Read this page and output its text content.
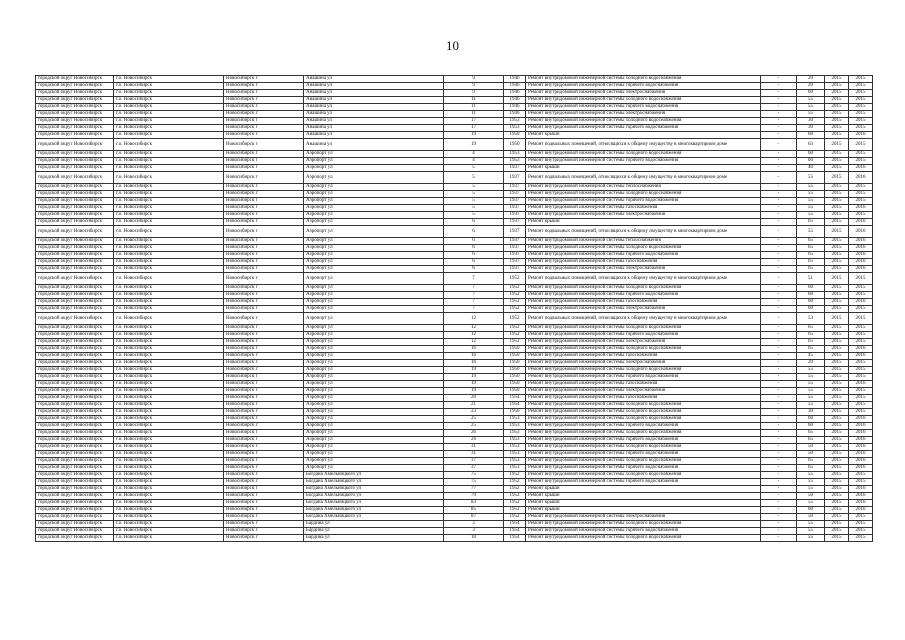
10
городской округ Новосибирск	г.о. Новосибирск	Новосибирск г	Анашина ул	9	1946	Ремонт внутридомовой инженерной системы холодного водоснабжения	-	20	2015	2015
городской округ Новосибирск	г.о. Новосибирск	Новосибирск г	Анашина ул	9	1946	Ремонт внутридомовой инженерной системы горячего водоснабжения	-	20	2015	2015
городской округ Новосибирск	г.о. Новосибирск	Новосибирск г	Анашина ул	9	1946	Ремонт внутридомовой инженерной системы электроснабжения	-	60	2015	2015
городской округ Новосибирск	г.о. Новосибирск	Новосибирск г	Анашина ул	11	1946	Ремонт внутридомовой инженерной системы холодного водоснабжения	-	55	2015	2015
городской округ Новосибирск	г.о. Новосибирск	Новосибирск г	Анашина ул	11	1946	Ремонт внутридомовой инженерной системы горячего водоснабжения	-	55	2015	2015
городской округ Новосибирск	г.о. Новосибирск	Новосибирск г	Анашина ул	11	1946	Ремонт внутридомовой инженерной системы электроснабжения	-	55	2015	2015
городской округ Новосибирск	г.о. Новосибирск	Новосибирск г	Анашина ул	17	1953	Ремонт внутридомовой инженерной системы холодного водоснабжения	-	30	2015	2015
городской округ Новосибирск	г.о. Новосибирск	Новосибирск г	Анашина ул	17	1953	Ремонт внутридомовой инженерной системы горячего водоснабжения	-	30	2015	2015
городской округ Новосибирск	г.о. Новосибирск	Новосибирск г	Анашина ул	19	1950	Ремонт крыши	-	60	2015	2016
городской округ Новосибирск	г.о. Новосибирск	Новосибирск г	Анашина ул	19	1950	Ремонт подвальных помещений, относящихся к общему имуществу в многоквартирном доме	-	63	2015	2015
городской округ Новосибирск	г.о. Новосибирск	Новосибирск г	Аэропорт ул	4	1953	Ремонт внутридомовой инженерной системы холодного водоснабжения	-	60	2015	2015
городской округ Новосибирск	г.о. Новосибирск	Новосибирск г	Аэропорт ул	4	1953	Ремонт внутридомовой инженерной системы горячего водоснабжения	-	60	2015	2015
городской округ Новосибирск	г.о. Новосибирск	Новосибирск г	Аэропорт ул	5	1937	Ремонт крыши	-	40	2015	2016
городской округ Новосибирск	г.о. Новосибирск	Новосибирск г	Аэропорт ул	5	1937	Ремонт подвальных помещений, относящихся к общему имуществу в многоквартирном доме	-	55	2015	2016
городской округ Новосибирск	г.о. Новосибирск	Новосибирск г	Аэропорт ул	5	1937	Ремонт внутридомовой инженерной системы теплоснабжения	-	55	2015	2015
городской округ Новосибирск	г.о. Новосибирск	Новосибирск г	Аэропорт ул	5	1937	Ремонт внутридомовой инженерной системы холодного водоснабжения	-	55	2015	2015
городской округ Новосибирск	г.о. Новосибирск	Новосибирск г	Аэропорт ул	5	1937	Ремонт внутридомовой инженерной системы горячего водоснабжения	-	55	2015	2015
городской округ Новосибирск	г.о. Новосибирск	Новосибирск г	Аэропорт ул	5	1937	Ремонт внутридомовой инженерной системы газоснабжения	-	55	2015	2016
городской округ Новосибирск	г.о. Новосибирск	Новосибирск г	Аэропорт ул	5	1937	Ремонт внутридомовой инженерной системы электроснабжения	-	55	2015	2015
городской округ Новосибирск	г.о. Новосибирск	Новосибирск г	Аэропорт ул	6	1937	Ремонт крыши	-	65	2015	2016
городской округ Новосибирск	г.о. Новосибирск	Новосибирск г	Аэропорт ул	6	1937	Ремонт подвальных помещений, относящихся к общему имуществу в многоквартирном доме	-	55	2015	2016
городской округ Новосибирск	г.о. Новосибирск	Новосибирск г	Аэропорт ул	6	1937	Ремонт внутридомовой инженерной системы теплоснабжения	-	65	2015	2016
городской округ Новосибирск	г.о. Новосибирск	Новосибирск г	Аэропорт ул	6	1937	Ремонт внутридомовой инженерной системы холодного водоснабжения	-	65	2015	2016
городской округ Новосибирск	г.о. Новосибирск	Новосибирск г	Аэропорт ул	6	1937	Ремонт внутридомовой инженерной системы горячего водоснабжения	-	65	2015	2016
городской округ Новосибирск	г.о. Новосибирск	Новосибирск г	Аэропорт ул	6	1937	Ремонт внутридомовой инженерной системы газоснабжения	-	65	2015	2016
городской округ Новосибирск	г.о. Новосибирск	Новосибирск г	Аэропорт ул	6	1937	Ремонт внутридомовой инженерной системы электроснабжения	-	65	2015	2016
городской округ Новосибирск	г.о. Новосибирск	Новосибирск г	Аэропорт ул	7	1952	Ремонт подвальных помещений, относящихся к общему имуществу в многоквартирном доме	-	51	2015	2015
городской округ Новосибирск	г.о. Новосибирск	Новосибирск г	Аэропорт ул	7	1952	Ремонт внутридомовой инженерной системы холодного водоснабжения	-	60	2015	2015
городской округ Новосибирск	г.о. Новосибирск	Новосибирск г	Аэропорт ул	7	1952	Ремонт внутридомовой инженерной системы горячего водоснабжения	-	60	2015	2015
городской округ Новосибирск	г.о. Новосибирск	Новосибирск г	Аэропорт ул	7	1952	Ремонт внутридомовой инженерной системы газоснабжения	-	60	2015	2016
городской округ Новосибирск	г.о. Новосибирск	Новосибирск г	Аэропорт ул	7	1952	Ремонт внутридомовой инженерной системы электроснабжения	-	60	2015	2015
городской округ Новосибирск	г.о. Новосибирск	Новосибирск г	Аэропорт ул	12	1952	Ремонт подвальных помещений, относящихся к общему имуществу в многоквартирном доме	-	53	2015	2015
городской округ Новосибирск	г.о. Новосибирск	Новосибирск г	Аэропорт ул	12	1952	Ремонт внутридомовой инженерной системы холодного водоснабжения	-	65	2015	2015
городской округ Новосибирск	г.о. Новосибирск	Новосибирск г	Аэропорт ул	12	1952	Ремонт внутридомовой инженерной системы горячего водоснабжения	-	65	2015	2015
городской округ Новосибирск	г.о. Новосибирск	Новосибирск г	Аэропорт ул	12	1952	Ремонт внутридомовой инженерной системы электроснабжения	-	65	2015	2015
городской округ Новосибирск	г.о. Новосибирск	Новосибирск г	Аэропорт ул	16	1950	Ремонт внутридомовой инженерной системы холодного водоснабжения	-	65	2015	2016
городской округ Новосибирск	г.о. Новосибирск	Новосибирск г	Аэропорт ул	16	1950	Ремонт внутридомовой инженерной системы газоснабжения	-	45	2015	2016
городской округ Новосибирск	г.о. Новосибирск	Новосибирск г	Аэропорт ул	16	1950	Ремонт внутридомовой инженерной системы электроснабжения	-	20	2015	2015
городской округ Новосибирск	г.о. Новосибирск	Новосибирск г	Аэропорт ул	19	1950	Ремонт внутридомовой инженерной системы холодного водоснабжения	-	55	2015	2015
городской округ Новосибирск	г.о. Новосибирск	Новосибирск г	Аэропорт ул	19	1950	Ремонт внутридомовой инженерной системы горячего водоснабжения	-	55	2015	2015
городской округ Новосибирск	г.о. Новосибирск	Новосибирск г	Аэропорт ул	19	1950	Ремонт внутридомовой инженерной системы газоснабжения	-	55	2015	2016
городской округ Новосибирск	г.о. Новосибирск	Новосибирск г	Аэропорт ул	19	1950	Ремонт внутридомовой инженерной системы электроснабжения	-	55	2015	2015
городской округ Новосибирск	г.о. Новосибирск	Новосибирск г	Аэропорт ул	20	1954	Ремонт внутридомовой инженерной системы газоснабжения	-	55	2015	2015
городской округ Новосибирск	г.о. Новосибирск	Новосибирск г	Аэропорт ул	21	1954	Ремонт внутридомовой инженерной системы холодного водоснабжения	-	55	2015	2015
городской округ Новосибирск	г.о. Новосибирск	Новосибирск г	Аэропорт ул	23	1956	Ремонт внутридомовой инженерной системы холодного водоснабжения	-	30	2015	2015
городской округ Новосибирск	г.о. Новосибирск	Новосибирск г	Аэропорт ул	25	1953	Ремонт внутридомовой инженерной системы холодного водоснабжения	-	60	2015	2016
городской округ Новосибирск	г.о. Новосибирск	Новосибирск г	Аэропорт ул	25	1953	Ремонт внутридомовой инженерной системы горячего водоснабжения	-	60	2015	2016
городской округ Новосибирск	г.о. Новосибирск	Новосибирск г	Аэропорт ул	26	1953	Ремонт внутридомовой инженерной системы холодного водоснабжения	-	65	2015	2016
городской округ Новосибирск	г.о. Новосибирск	Новосибирск г	Аэропорт ул	26	1953	Ремонт внутридомовой инженерной системы горячего водоснабжения	-	65	2015	2016
городской округ Новосибирск	г.о. Новосибирск	Новосибирск г	Аэропорт ул	31	1953	Ремонт внутридомовой инженерной системы холодного водоснабжения	-	50	2015	2016
городской округ Новосибирск	г.о. Новосибирск	Новосибирск г	Аэропорт ул	31	1953	Ремонт внутридомовой инженерной системы горячего водоснабжения	-	50	2015	2016
городской округ Новосибирск	г.о. Новосибирск	Новосибирск г	Аэропорт ул	37	1953	Ремонт внутридомовой инженерной системы холодного водоснабжения	-	65	2015	2016
городской округ Новосибирск	г.о. Новосибирск	Новосибирск г	Аэропорт ул	37	1953	Ремонт внутридомовой инженерной системы горячего водоснабжения	-	65	2015	2016
городской округ Новосибирск	г.о. Новосибирск	Новосибирск г	Богдана Хмельницкого ул	75	1952	Ремонт внутридомовой инженерной системы холодного водоснабжения	-	55	2015	2015
городской округ Новосибирск	г.о. Новосибирск	Новосибирск г	Богдана Хмельницкого ул	75	1952	Ремонт внутридомовой инженерной системы горячего водоснабжения	-	55	2015	2015
городской округ Новосибирск	г.о. Новосибирск	Новосибирск г	Богдана Хмельницкого ул	77	1952	Ремонт крыши	-	55	2015	2016
городской округ Новосибирск	г.о. Новосибирск	Новосибирск г	Богдана Хмельницкого ул	79	1952	Ремонт крыши	-	50	2015	2016
городской округ Новосибирск	г.о. Новосибирск	Новосибирск г	Богдана Хмельницкого ул	83	1952	Ремонт крыши	-	55	2015	2016
городской округ Новосибирск	г.о. Новосибирск	Новосибирск г	Богдана Хмельницкого ул	85	1952	Ремонт крыши	-	60	2015	2016
городской округ Новосибирск	г.о. Новосибирск	Новосибирск г	Богдана Хмельницкого ул	87	1952	Ремонт внутридомовой инженерной системы электроснабжения	-	50	2015	2015
городской округ Новосибирск	г.о. Новосибирск	Новосибирск г	Бардина ул	3	1954	Ремонт внутридомовой инженерной системы холодного водоснабжения	-	55	2015	2015
городской округ Новосибирск	г.о. Новосибирск	Новосибирск г	Бардина ул	3	1954	Ремонт внутридомовой инженерной системы горячего водоснабжения	-	55	2015	2015
городской округ Новосибирск	г.о. Новосибирск	Новосибирск г	Бардина ул	10	1954	Ремонт внутридомовой инженерной системы холодного водоснабжения	-	55	2015	2015
